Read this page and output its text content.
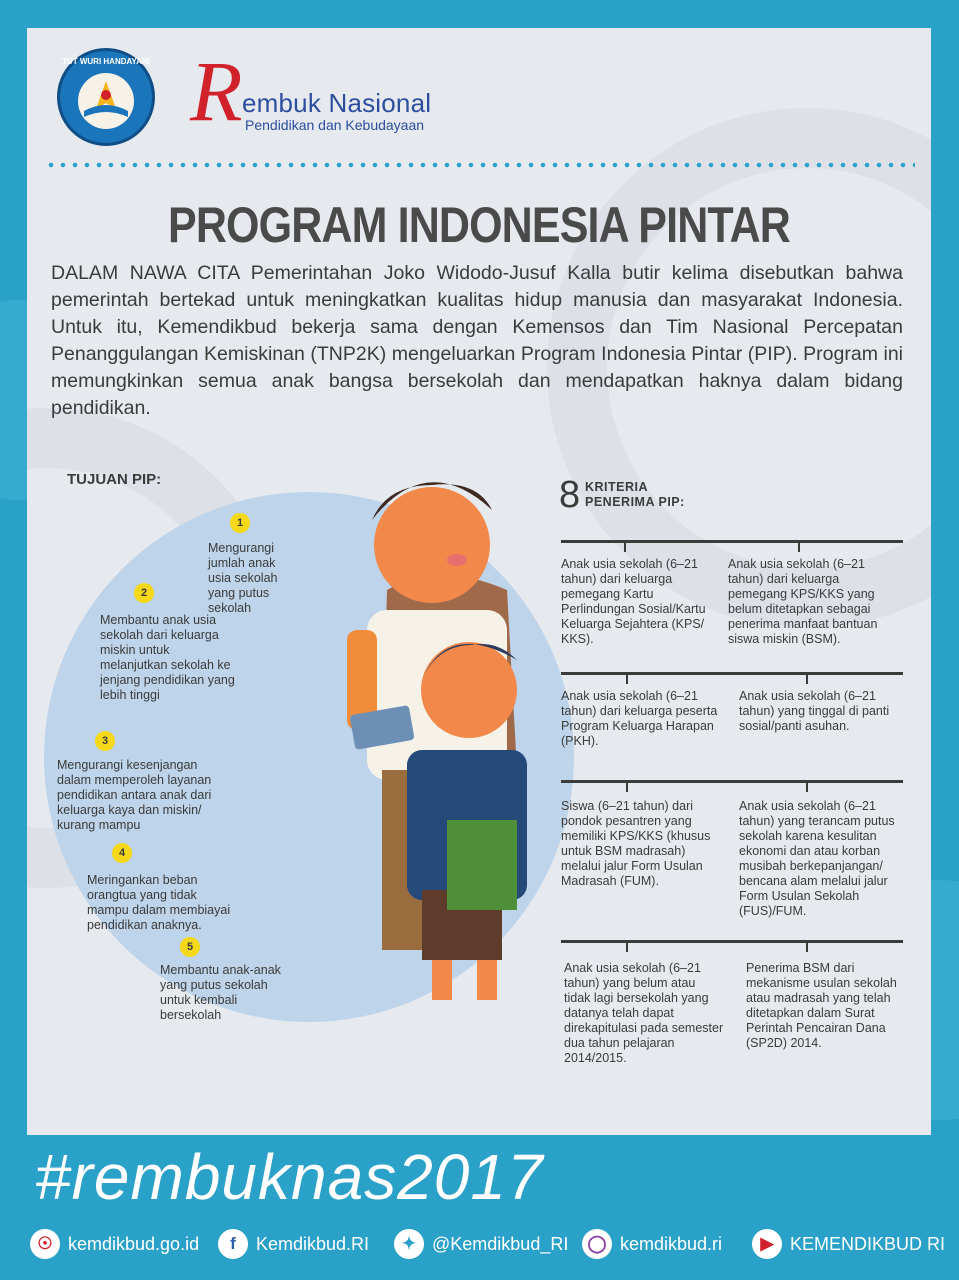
TUT WURI HANDAYANI R embuk Nasional
Pendidikan dan Kebudayaan
PROGRAM INDONESIA PINTAR
DALAM NAWA CITA Pemerintahan Joko Widodo-Jusuf Kalla butir kelima disebutkan bahwa pemerintah bertekad untuk meningkatkan kualitas hidup manusia dan masyarakat Indonesia. Untuk itu, Kemendikbud bekerja sama dengan Kemensos dan Tim Nasional Percepatan Penanggulangan Kemiskinan (TNP2K) mengeluarkan Program Indonesia Pintar (PIP). Program ini memungkinkan semua anak bangsa bersekolah dan mendapatkan haknya dalam bidang pendidikan.
TUJUAN PIP:
1
Mengurangi jumlah anak usia sekolah yang putus sekolah
2
Membantu anak usia sekolah dari keluarga miskin untuk melanjutkan sekolah ke jenjang pendidikan yang lebih tinggi
3
Mengurangi kesenjangan dalam memperoleh layanan pendidikan antara anak dari keluarga kaya dan miskin/ kurang mampu
4
Meringankan beban orangtua yang tidak mampu dalam membiayai pendidikan anaknya.
5
Membantu anak-anak yang putus sekolah untuk kembali bersekolah
8 KRITERIA
PENERIMA PIP:
Anak usia sekolah (6–21 tahun) dari keluarga pemegang Kartu Perlindungan Sosial/Kartu Keluarga Sejahtera (KPS/ KKS).
Anak usia sekolah (6–21 tahun) dari keluarga pemegang KPS/KKS yang belum ditetapkan sebagai penerima manfaat bantuan siswa miskin (BSM).
Anak usia sekolah (6–21 tahun) dari keluarga peserta Program Keluarga Harapan (PKH).
Anak usia sekolah (6–21 tahun) yang tinggal di panti sosial/panti asuhan.
Siswa (6–21 tahun) dari pondok pesantren yang memiliki KPS/KKS (khusus untuk BSM madrasah) melalui jalur Form Usulan Madrasah (FUM).
Anak usia sekolah (6–21 tahun) yang terancam putus sekolah karena kesulitan ekonomi dan atau korban musibah berkepanjangan/ bencana alam melalui jalur Form Usulan Sekolah (FUS)/FUM.
Anak usia sekolah (6–21 tahun) yang belum atau tidak lagi bersekolah yang datanya telah dapat direkapitulasi pada semester dua tahun pelajaran 2014/2015.
Penerima BSM dari mekanisme usulan sekolah atau madrasah yang telah ditetapkan dalam Surat Perintah Pencairan Dana (SP2D) 2014.
#rembuknas2017
☉ kemdikbud.go.id	f	Kemdikbud.RI	✦ @Kemdikbud_RI	◯ kemdikbud.ri	▶ KEMENDIKBUD RI
